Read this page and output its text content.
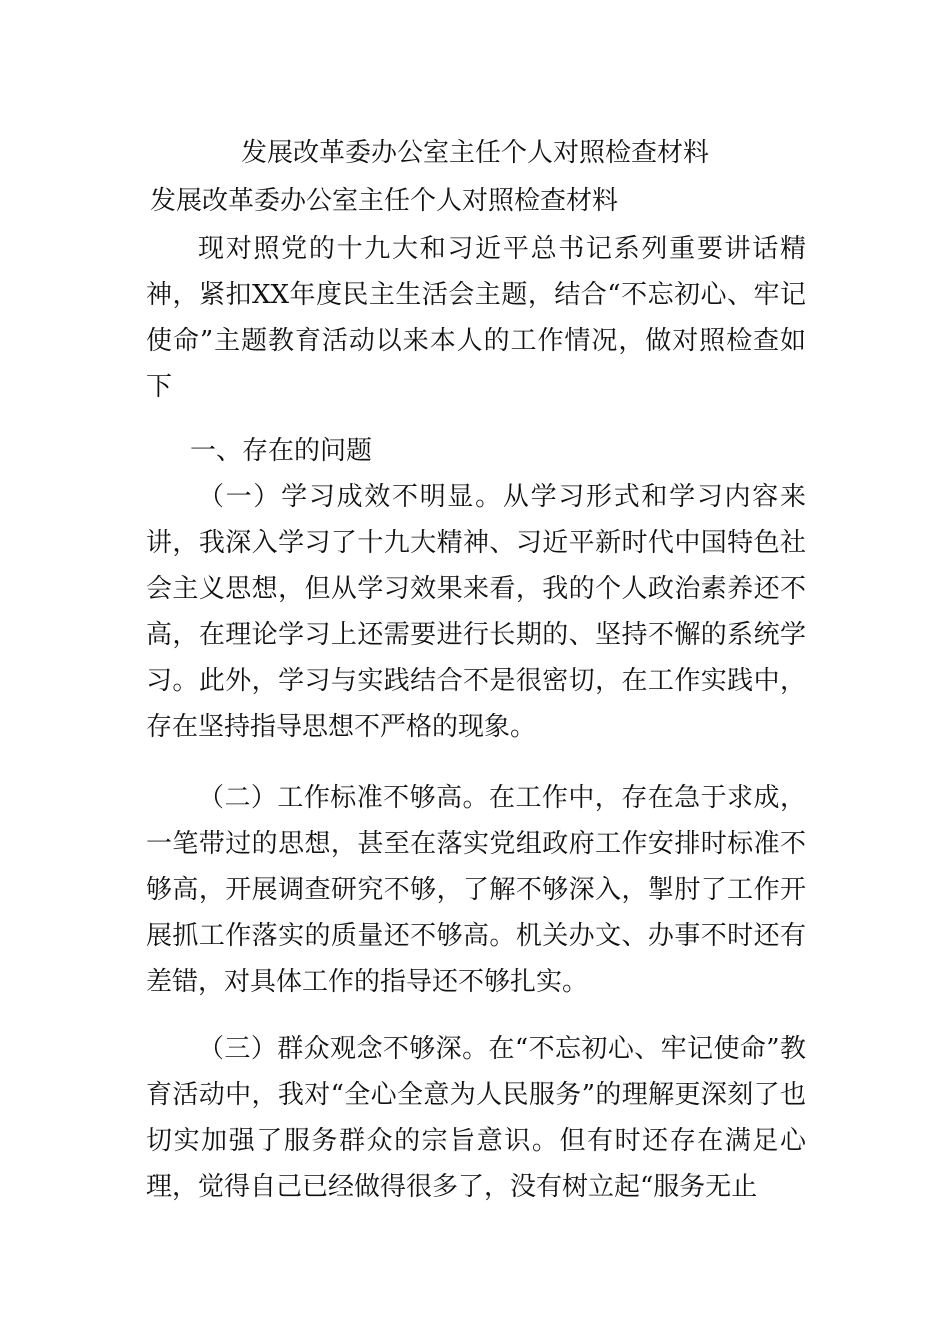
发展改革委办公室主任个人对照检查材料
发展改革委办公室主任个人对照检查材料

现对照党的十九大和习近平总书记系列重要讲话精神，紧扣XX年度民主生活会主题，结合“不忘初心、牢记使命”主题教育活动以来本人的工作情况，做对照检查如下

一、存在的问题

（一）学习成效不明显。从学习形式和学习内容来讲，我深入学习了十九大精神、习近平新时代中国特色社会主义思想，但从学习效果来看，我的个人政治素养还不高，在理论学习上还需要进行长期的、坚持不懈的系统学习。此外，学习与实践结合不是很密切，在工作实践中，存在坚持指导思想不严格的现象。

（二）工作标准不够高。在工作中，存在急于求成，一笔带过的思想，甚至在落实党组政府工作安排时标准不够高，开展调查研究不够，了解不够深入，掣肘了工作开展抓工作落实的质量还不够高。机关办文、办事不时还有差错，对具体工作的指导还不够扎实。

（三）群众观念不够深。在“不忘初心、牢记使命”教育活动中，我对“全心全意为人民服务”的理解更深刻了也切实加强了服务群众的宗旨意识。但有时还存在满足心理，觉得自己已经做得很多了，没有树立起“服务无止
